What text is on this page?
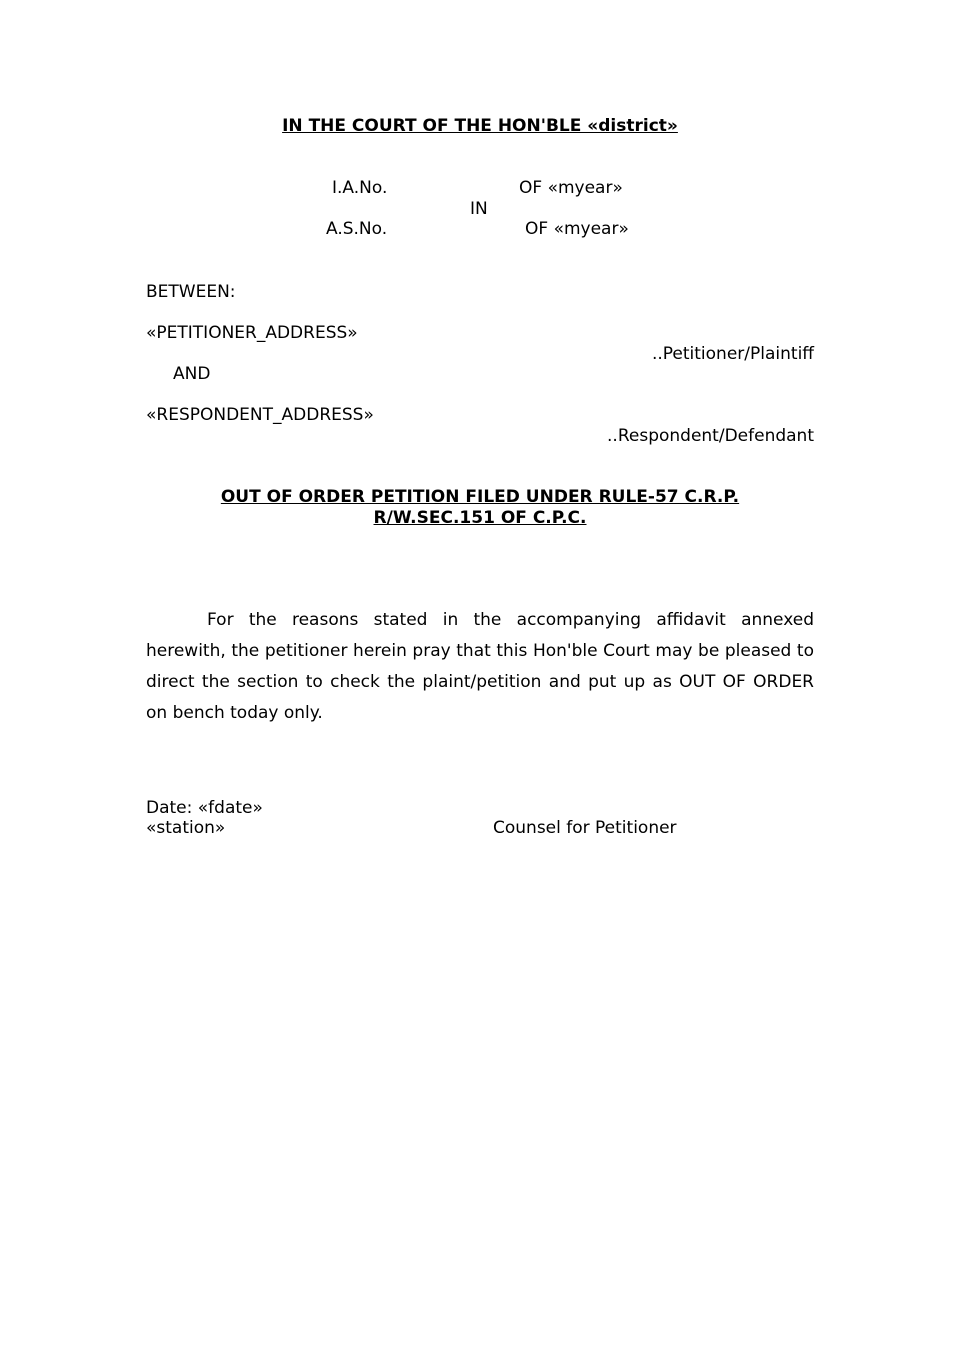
IN THE COURT OF THE HON'BLE «district»
I.A.No.	OF «myear»
IN
A.S.No.	OF «myear»
BETWEEN:
«PETITIONER_ADDRESS»
..Petitioner/Plaintiff
AND
«RESPONDENT_ADDRESS»
..Respondent/Defendant
OUT OF ORDER PETITION FILED UNDER RULE-57 C.R.P.
R/W.SEC.151 OF C.P.C.
For the reasons stated in the accompanying affidavit annexed herewith, the petitioner herein pray that this Hon'ble Court may be pleased to direct the section to check the plaint/petition and put up as OUT OF ORDER on bench today only.
Date: «fdate»
«station»	Counsel for Petitioner
